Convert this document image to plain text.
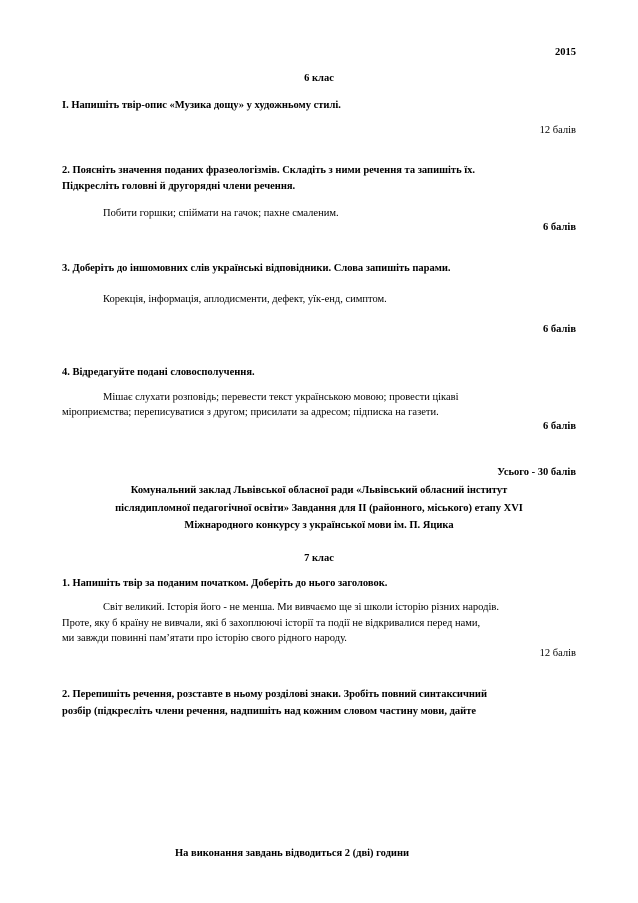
2015
6 клас
І. Напишіть твір-опис «Музика дощу» у художньому стилі.
12 балів
2. Поясніть значення поданих фразеологізмів. Складіть з ними речення та запишіть їх.
Підкресліть головні й другорядні члени речення.
Побити горшки; спіймати на гачок; пахне смаленим.
6 балів
3. Доберіть до іншомовних слів українські відповідники. Слова запишіть парами.
Корекція, інформація, аплодисменти, дефект, уїк-енд, симптом.
6 балів
4. Відредагуйте подані словосполучення.
Мішає слухати розповідь; перевести текст українською мовою; провести цікаві
міроприємства; переписуватися з другом; присилати за адресом; підписка на газети.
6 балів
Усього - 30 балів
Комунальний заклад Львівської обласної ради «Львівський обласний інститут
післядипломної педагогічної освіти» Завдання для ІІ (районного, міського) етапу XVI
Міжнародного конкурсу з української мови ім. П. Яцика
7 клас
1. Напишіть твір за поданим початком. Доберіть до нього заголовок.
Світ великий. Історія його - не менша. Ми вивчаємо ще зі школи історію різних народів.
Проте, яку б країну не вивчали, які б захоплюючі історії та події не відкривалися перед нами,
ми завжди повинні пам’ятати про історію свого рідного народу.
12 балів
2. Перепишіть речення, розставте в ньому розділові знаки. Зробіть повний синтаксичний
розбір (підкресліть члени речення, надпишіть над кожним словом частину мови, дайте
На виконання завдань відводиться 2 (дві) години
